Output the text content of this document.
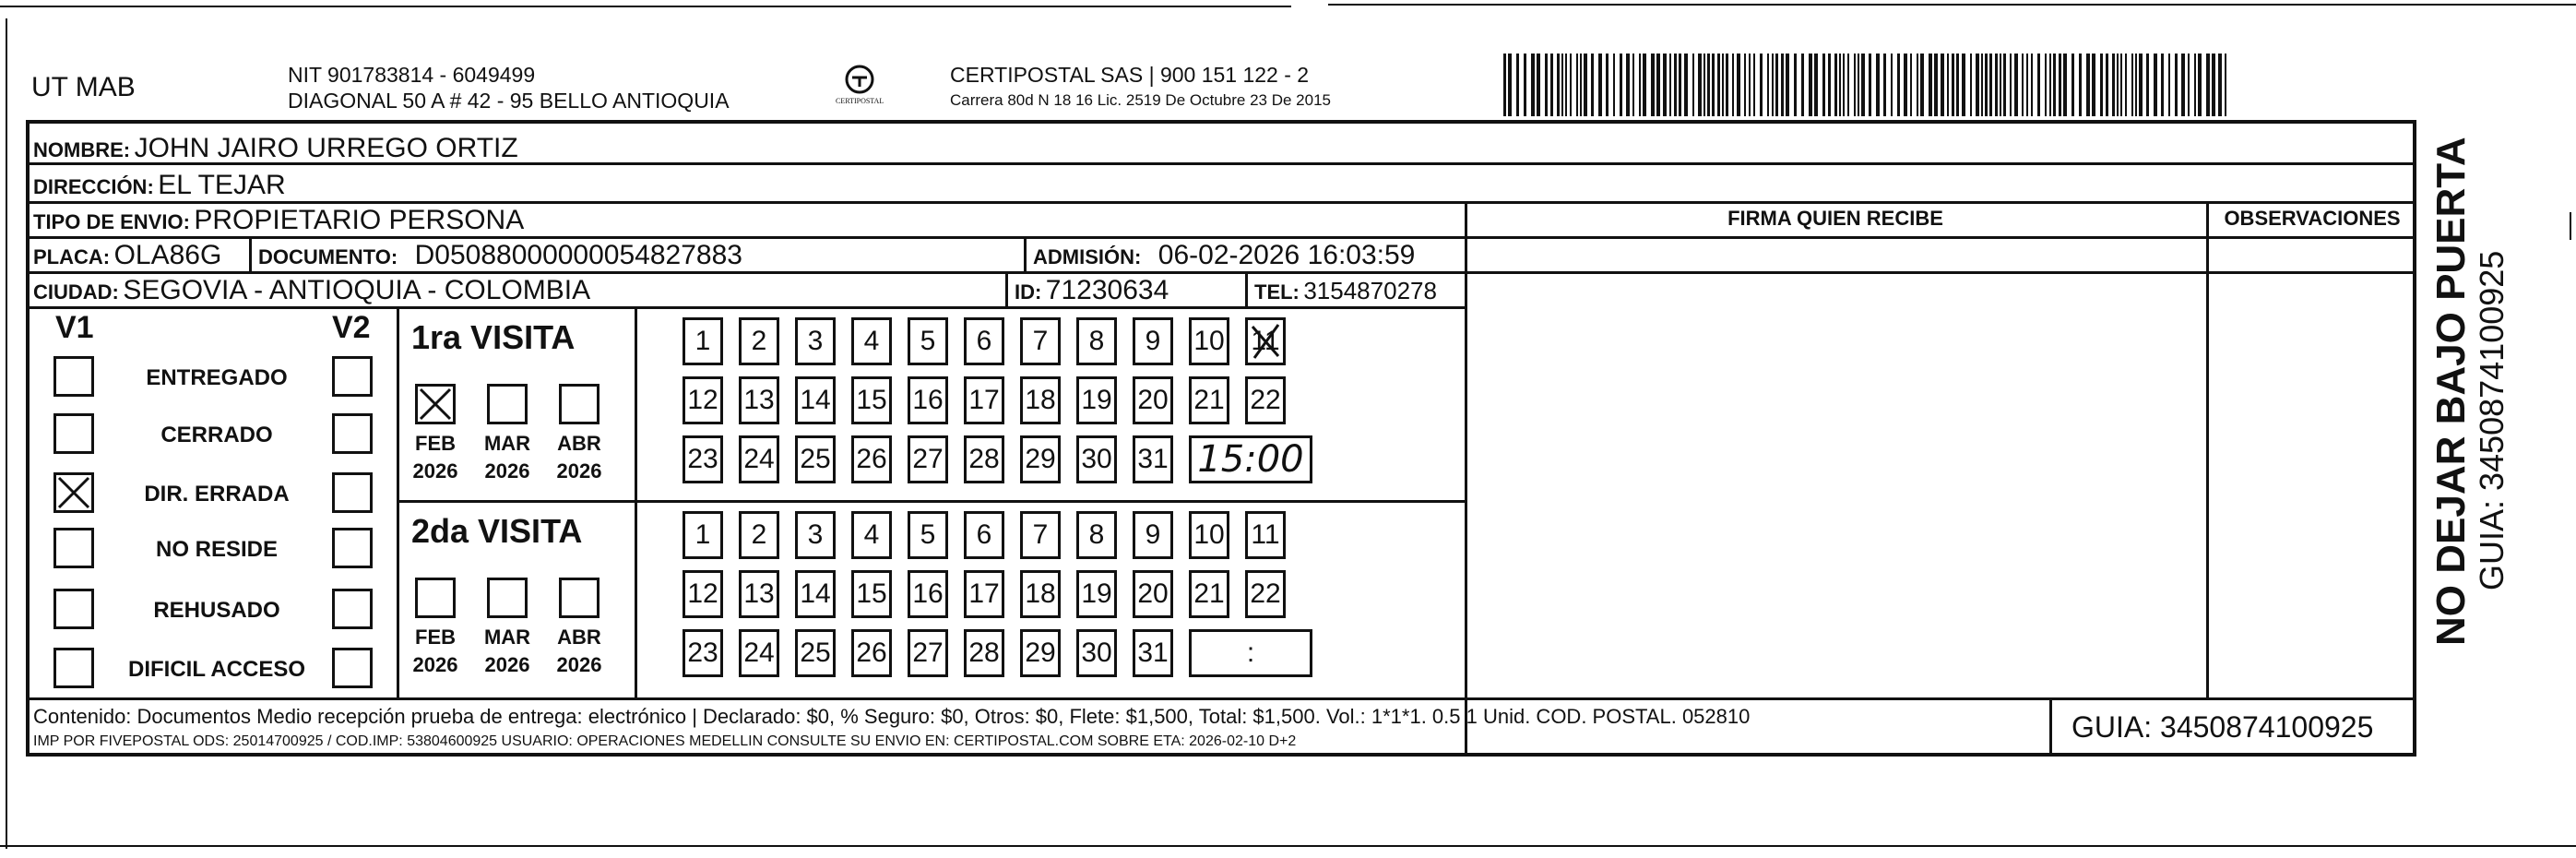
UT MAB	NIT 901783814 - 6049499
DIAGONAL 50 A # 42 - 95 BELLO ANTIOQUIA	CERTIPOSTAL
CERTIPOSTAL SAS | 900 151 122 - 2
Carrera 80d N 18 16 Lic. 2519 De Octubre 23 De 2015
NOMBRE: JOHN JAIRO URREGO ORTIZ
DIRECCIÓN: EL TEJAR
TIPO DE ENVIO: PROPIETARIO PERSONA	FIRMA QUIEN RECIBE	OBSERVACIONES
PLACA: OLA86G DOCUMENTO: D05088000000054827883	ADMISIÓN: 06-02-2026 16:03:59
CIUDAD: SEGOVIA - ANTIOQUIA - COLOMBIA	ID: 71230634	TEL: 3154870278
V1	V2
ENTREGADO
CERRADO
DIR. ERRADA
NO RESIDE
REHUSADO
DIFICIL ACCESO
1ra VISITA
FEB
2026
MAR
2026
ABR
2026
1	2	3	4	5	6	7	8	9	10 11
12 13 14 15 16 17 18 19 20 21 22
23 24 25 26 27 28 29 30 31 15:00
2da VISITA
FEB
2026
MAR
2026
ABR
2026
1	2	3	4	5	6	7	8	9	10 11
12 13 14 15 16 17 18 19 20 21 22
23 24 25 26 27 28 29 30 31	:
Contenido: Documentos Medio recepción prueba de entrega: electrónico | Declarado: $0, % Seguro: $0, Otros: $0, Flete: $1,500, Total: $1,500. Vol.: 1*1*1. 0.5 1 Unid. COD. POSTAL. 052810
IMP POR FIVEPOSTAL ODS: 25014700925 / COD.IMP: 53804600925 USUARIO: OPERACIONES MEDELLIN CONSULTE SU ENVIO EN: CERTIPOSTAL.COM SOBRE ETA: 2026-02-10 D+2	GUIA: 3450874100925
NO DEJAR BAJO PUERTA GUIA: 3450874100925
